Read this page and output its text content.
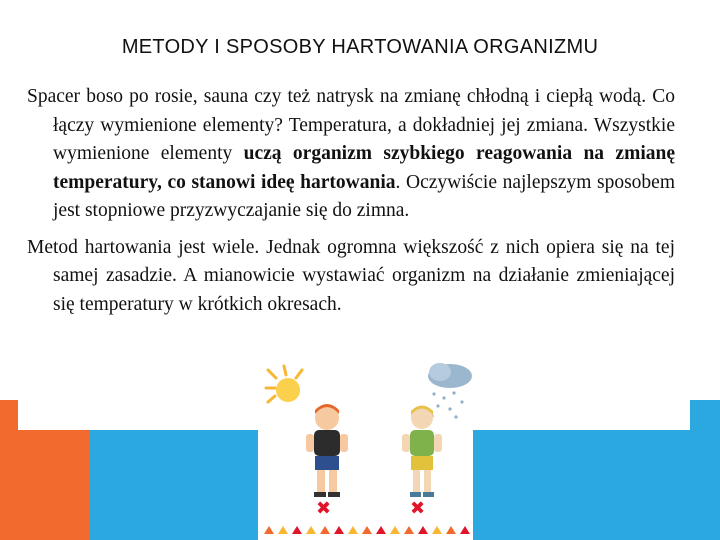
METODY I SPOSOBY HARTOWANIA ORGANIZMU

Spacer boso po rosie, sauna czy też natrysk na zmianę chłodną i ciepłą wodą. Co łączy wymienione elementy? Temperatura, a dokładniej jej zmiana. Wszystkie wymienione elementy uczą organizm szybkiego reagowania na zmianę temperatury, co stanowi ideę hartowania. Oczywiście najlepszym sposobem jest stopniowe przyzwyczajanie się do zimna.

Metod hartowania jest wiele. Jednak ogromna większość z nich opiera się na tej samej zasadzie. A mianowicie wystawiać organizm na działanie zmieniającej się temperatury w krótkich okresach.

✖	✖
